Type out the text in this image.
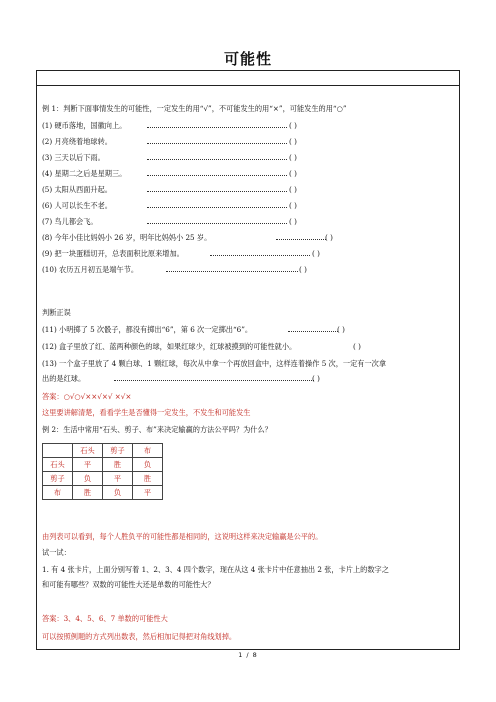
可能性
例 1：判断下面事情发生的可能性，一定发生的用“√”，不可能发生的用“×”，可能发生的用“○”
(1) 硬币落地，国徽向上。	( )
(2) 月亮绕着地球转。	( )
(3) 三天以后下雨。	( )
(4) 星期二之后是星期三。	( )
(5) 太阳从西面升起。	( )
(6) 人可以长生不老。	( )
(7) 鸟儿都会飞。	( )
(8) 今年小佳比妈妈小 26 岁，明年比妈妈小 25 岁。	( )
(9) 把一块蛋糕切开，总表面积比原来增加。	( )
(10) 农历五月初五是端午节。	( )
判断正误
(11) 小明掷了 5 次骰子，都没有掷出“6”，第 6 次一定掷出“6”。	( )
(12) 盒子里放了红、蓝两种颜色的球，如果红球少，红球被摸到的可能性就小。	( )
(13) 一个盒子里放了 4 颗白球、1 颗红球，每次从中拿一个再放回盒中，这样连着操作 5 次，一定有一次拿
出的是红球。	( )
答案：○√○√××√×√ ×√×
这里要讲解清楚，看看学生是否懂得一定发生，不发生和可能发生
例 2：生活中常用“石头、剪子、布”来决定输赢的方法公平吗？为什么？
	石头	剪子	布
石头	平	胜	负
剪子	负	平	胜
布	胜	负	平
由列表可以看到，每个人胜负平的可能性都是相同的，这说明这样来决定输赢是公平的。
试一试：
1. 有 4 张卡片，上面分别写着 1、2、3、4 四个数字，现在从这 4 张卡片中任意抽出 2 张，卡片上的数字之
和可能有哪些？双数的可能性大还是单数的可能性大？
答案：3、4、5、6、7 单数的可能性大
可以按照例题的方式列出数表，然后相加记得把对角线划掉。
1 / 8
